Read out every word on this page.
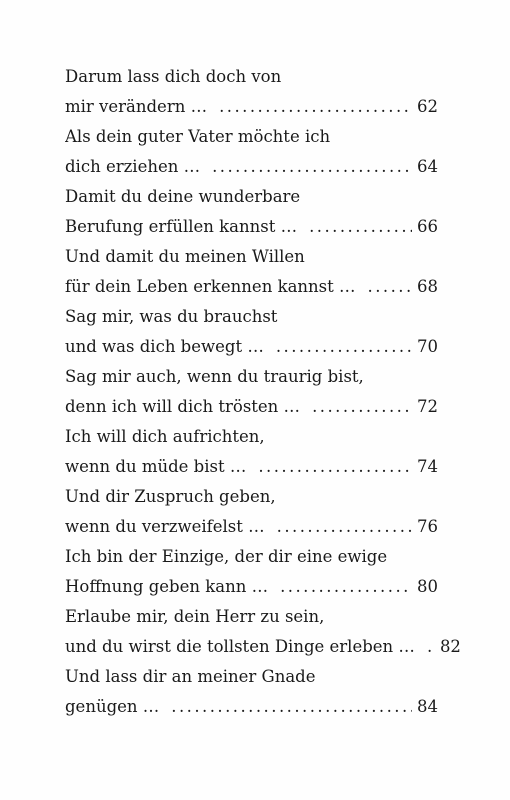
Darum lass dich doch von
mir verändern … . . .	62
Als dein guter Vater möchte ich
dich erziehen … . . .	64
Damit du deine wunderbare
Berufung erfüllen kannst … . . .	66
Und damit du meinen Willen
für dein Leben erkennen kannst … . . .	68
Sag mir, was du brauchst
und was dich bewegt … . . .	70
Sag mir auch, wenn du traurig bist,
denn ich will dich trösten … . . .	72
Ich will dich aufrichten,
wenn du müde bist … . . .	74
Und dir Zuspruch geben,
wenn du verzweifelst … . . .	76
Ich bin der Einzige, der dir eine ewige
Hoffnung geben kann … . . .	80
Erlaube mir, dein Herr zu sein,
und du wirst die tollsten Dinge erleben … . . .	82
Und lass dir an meiner Gnade
genügen … . . .	84
